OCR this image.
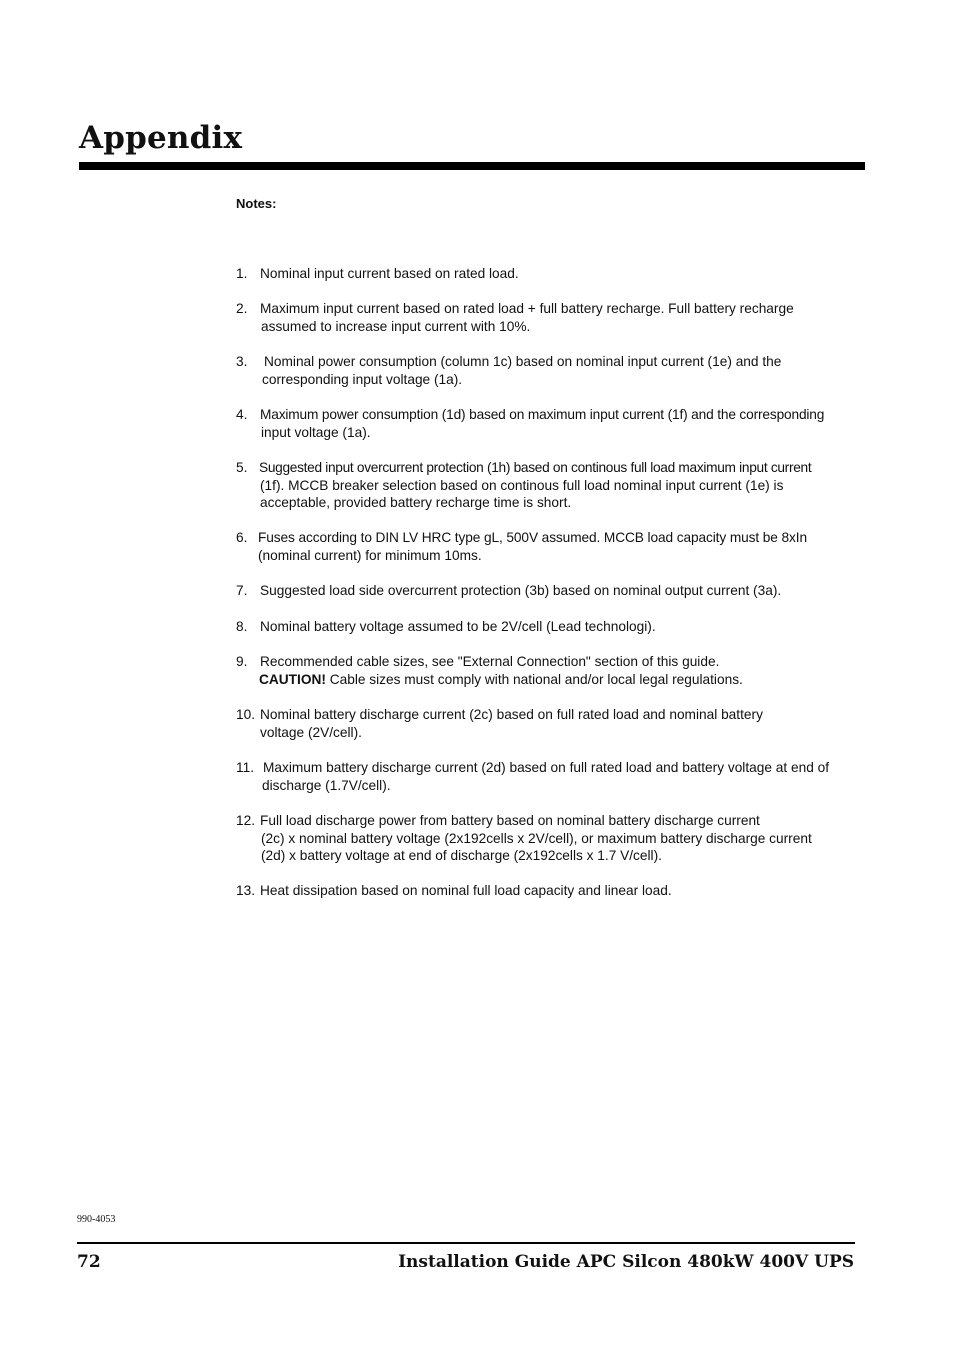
Appendix
Notes:
1. Nominal input current based on rated load.
2. Maximum input current based on rated load + full battery recharge. Full battery recharge
assumed to increase input current with 10%.
3. Nominal power consumption (column 1c) based on nominal input current (1e) and the
corresponding input voltage (1a).
4. Maximum power consumption (1d) based on maximum input current (1f) and the corresponding
input voltage (1a).
5. Suggested input overcurrent protection (1h) based on continous full load maximum input current
(1f). MCCB breaker selection based on continous full load nominal input current (1e) is
acceptable, provided battery recharge time is short.
6. Fuses according to DIN LV HRC type gL, 500V assumed. MCCB load capacity must be 8xIn
(nominal current) for minimum 10ms.
7. Suggested load side overcurrent protection (3b) based on nominal output current (3a).
8. Nominal battery voltage assumed to be 2V/cell (Lead technologi).
9. Recommended cable sizes, see "External Connection" section of this guide.
CAUTION! Cable sizes must comply with national and/or local legal regulations.
10. Nominal battery discharge current (2c) based on full rated load and nominal battery
voltage (2V/cell).
11. Maximum battery discharge current (2d) based on full rated load and battery voltage at end of
discharge (1.7V/cell).
12. Full load discharge power from battery based on nominal battery discharge current
(2c) x nominal battery voltage (2x192cells x 2V/cell), or maximum battery discharge current
(2d) x battery voltage at end of discharge (2x192cells x 1.7 V/cell).
13. Heat dissipation based on nominal full load capacity and linear load.
990-4053
72	Installation Guide APC Silcon 480kW 400V UPS
